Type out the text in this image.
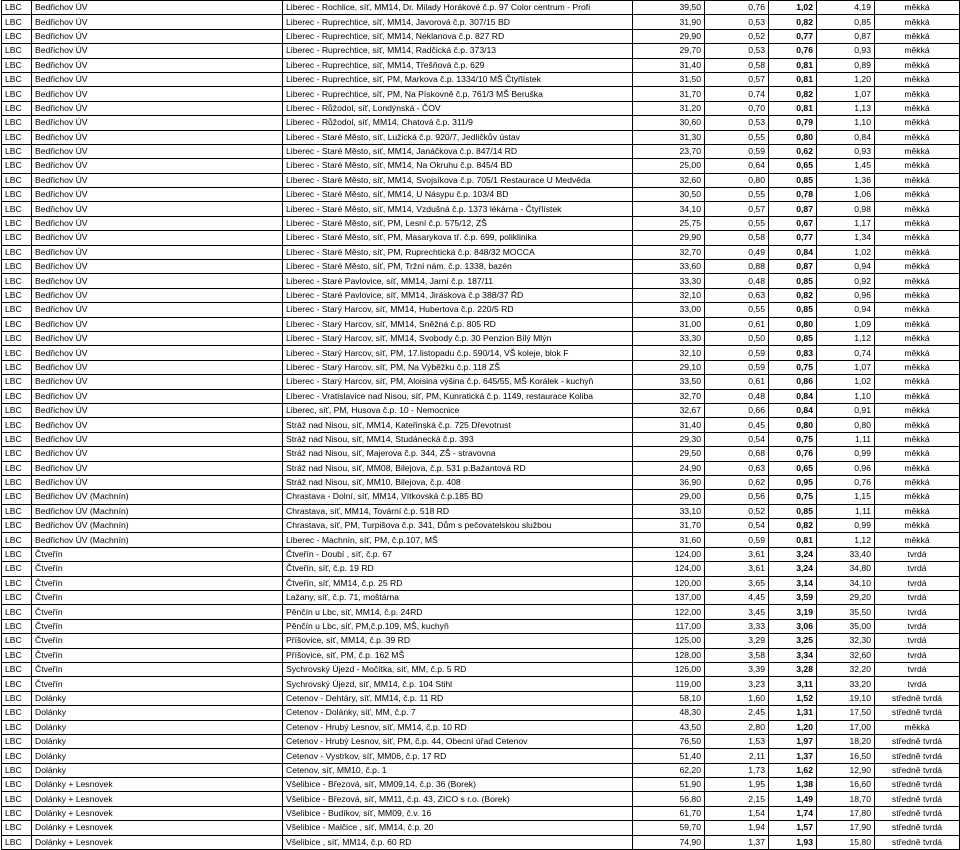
LBC	Bedřichov ÚV	Liberec - Rochlice, síť, MM14, Dr. Milady Horákové č.p. 97 Color centrum - Profi	39,50	0,76	1,02	4,19	měkká
LBC	Bedřichov ÚV	Liberec - Ruprechtice, síť, MM14, Javorová č.p. 307/15 BD	31,90	0,53	0,82	0,85	měkká
LBC	Bedřichov ÚV	Liberec - Ruprechtice, síť, MM14, Neklanova č.p. 827 RD	29,90	0,52	0,77	0,87	měkká
LBC	Bedřichov ÚV	Liberec - Ruprechtice, síť, MM14, Radčická č.p. 373/13	29,70	0,53	0,76	0,93	měkká
LBC	Bedřichov ÚV	Liberec - Ruprechtice, síť, MM14, Třešňová č.p. 629	31,40	0,58	0,81	0,89	měkká
LBC	Bedřichov ÚV	Liberec - Ruprechtice, síť, PM, Markova č.p. 1334/10 MŠ Čtyřlístek	31,50	0,57	0,81	1,20	měkká
LBC	Bedřichov ÚV	Liberec - Ruprechtice, síť, PM, Na Pískovně č.p. 761/3 MŠ Beruška	31,70	0,74	0,82	1,07	měkká
LBC	Bedřichov ÚV	Liberec - Růžodol, síť, Londýnská - ČOV	31,20	0,70	0,81	1,13	měkká
LBC	Bedřichov ÚV	Liberec - Růžodol, síť, MM14, Chatová č.p. 311/9	30,60	0,53	0,79	1,10	měkká
LBC	Bedřichov ÚV	Liberec - Staré Město, síť, Lužická č.p. 920/7, Jedličkův ústav	31,30	0,55	0,80	0,84	měkká
LBC	Bedřichov ÚV	Liberec - Staré Město, síť, MM14, Janáčkova č.p. 847/14 RD	23,70	0,59	0,62	0,93	měkká
LBC	Bedřichov ÚV	Liberec - Staré Město, síť, MM14, Na Okruhu č.p. 845/4 BD	25,00	0,64	0,65	1,45	měkká
LBC	Bedřichov ÚV	Liberec - Staré Město, síť, MM14, Svojsíkova č.p. 705/1 Restaurace U Medvěda	32,60	0,80	0,85	1,36	měkká
LBC	Bedřichov ÚV	Liberec - Staré Město, síť, MM14, U Násypu č.p. 103/4 BD	30,50	0,55	0,78	1,06	měkká
LBC	Bedřichov ÚV	Liberec - Staré Město, síť, MM14, Vzdušná č.p. 1373 lékárna - Čtyřlístek	34,10	0,57	0,87	0,98	měkká
LBC	Bedřichov ÚV	Liberec - Staré Město, síť, PM, Lesní č.p. 575/12, ZŠ	25,75	0,55	0,67	1,17	měkká
LBC	Bedřichov ÚV	Liberec - Staré Město, síť, PM, Masarykova tř. č.p. 699, poliklinika	29,90	0,58	0,77	1,34	měkká
LBC	Bedřichov ÚV	Liberec - Staré Město, síť, PM, Ruprechtická č.p. 848/32 MOCCA	32,70	0,49	0,84	1,02	měkká
LBC	Bedřichov ÚV	Liberec - Staré Město, síť, PM, Tržní nám. č.p. 1338, bazén	33,60	0,88	0,87	0,94	měkká
LBC	Bedřichov ÚV	Liberec - Staré Pavlovice, síť, MM14, Jarní č.p. 187/11	33,30	0,48	0,85	0,92	měkká
LBC	Bedřichov ÚV	Liberec - Staré Pavlovice, síť, MM14, Jiráskova č.p 388/37 ŘD	32,10	0,63	0,82	0,96	měkká
LBC	Bedřichov ÚV	Liberec - Starý Harcov, síť, MM14, Hubertova č.p. 220/5 RD	33,00	0,55	0,85	0,94	měkká
LBC	Bedřichov ÚV	Liberec - Starý Harcov, síť, MM14, Sněžná č.p. 805 RD	31,00	0,61	0,80	1,09	měkká
LBC	Bedřichov ÚV	Liberec - Starý Harcov, síť, MM14, Svobody č.p. 30 Penzion Bílý Mlýn	33,30	0,50	0,85	1,12	měkká
LBC	Bedřichov ÚV	Liberec - Starý Harcov, síť, PM, 17.listopadu č.p. 590/14, VŠ koleje, blok F	32,10	0,59	0,83	0,74	měkká
LBC	Bedřichov ÚV	Liberec - Starý Harcov, síť, PM, Na Výběžku č.p. 118 ZŠ	29,10	0,59	0,75	1,07	měkká
LBC	Bedřichov ÚV	Liberec - Starý Harcov, síť, PM, Aloisina výšina č.p. 645/55, MŠ Korálek - kuchyň	33,50	0,61	0,86	1,02	měkká
LBC	Bedřichov ÚV	Liberec - Vratislavice nad Nisou, síť, PM, Kunratická č.p. 1149, restaurace Koliba	32,70	0,48	0,84	1,10	měkká
LBC	Bedřichov ÚV	Liberec, síť, PM, Husova č.p. 10 - Nemocnice	32,67	0,66	0,84	0,91	měkká
LBC	Bedřichov ÚV	Stráž nad Nisou, síť, MM14, Kateřinská č.p. 725 Dřevotrust	31,40	0,45	0,80	0,80	měkká
LBC	Bedřichov ÚV	Stráž nad Nisou, síť, MM14, Studánecká č.p. 393	29,30	0,54	0,75	1,11	měkká
LBC	Bedřichov ÚV	Stráž nad Nisou, síť, Majerova č.p. 344, ZŠ - stravovna	29,50	0,68	0,76	0,99	měkká
LBC	Bedřichov ÚV	Stráž nad Nisou, síť, MM08, Bilejova, č.p. 531 p.Bažantová RD	24,90	0,63	0,65	0,96	měkká
LBC	Bedřichov ÚV	Stráž nad Nisou, síť, MM10, Bilejova, č.p. 408	36,90	0,62	0,95	0,76	měkká
LBC	Bedřichov ÚV (Machnín)	Chrastava - Dolní, síť, MM14, Vítkovská č.p.185 BD	29,00	0,56	0,75	1,15	měkká
LBC	Bedřichov ÚV (Machnín)	Chrastava, síť, MM14, Tovární č.p. 518 RD	33,10	0,52	0,85	1,11	měkká
LBC	Bedřichov ÚV (Machnín)	Chrastava, síť, PM, Turpišova č.p. 341, Dům s pečovatelskou službou	31,70	0,54	0,82	0,99	měkká
LBC	Bedřichov ÚV (Machnín)	Liberec - Machnín, síť, PM, č.p.107, MŠ	31,60	0,59	0,81	1,12	měkká
LBC	Čtveřín	Čtveřín - Doubí , síť, č.p. 67	124,00	3,61	3,24	33,40	tvrdá
LBC	Čtveřín	Čtveřín, síť, č.p. 19 RD	124,00	3,61	3,24	34,80	tvrdá
LBC	Čtveřín	Čtveřín, síť, MM14, č.p. 25 RD	120,00	3,65	3,14	34,10	tvrdá
LBC	Čtveřín	Lažany, síť, č.p. 71, moštárna	137,00	4,45	3,59	29,20	tvrdá
LBC	Čtveřín	Pěnčín u Lbc, síť, MM14, č.p. 24RD	122,00	3,45	3,19	35,50	tvrdá
LBC	Čtveřín	Pěnčín u Lbc, síť, PM,č.p.109, MŠ, kuchyň	117,00	3,33	3,06	35,00	tvrdá
LBC	Čtveřín	Příšovice, síť, MM14, č.p. 39 RD	125,00	3,29	3,25	32,30	tvrdá
LBC	Čtveřín	Příšovice, síť, PM, č.p. 162 MŠ	128,00	3,58	3,34	32,60	tvrdá
LBC	Čtveřín	Sychrovský Újezd - Močítka, síť, MM, č.p. 5 RD	126,00	3,39	3,28	32,20	tvrdá
LBC	Čtveřín	Sychrovský Újezd, síť, MM14, č.p. 104 Stihl	119,00	3,23	3,11	33,20	tvrdá
LBC	Dolánky	Cetenov - Dehtáry, síť, MM14, č.p. 11 RD	58,10	1,60	1,52	19,10	středně tvrdá
LBC	Dolánky	Cetenov - Dolánky, síť, MM, č.p. 7	48,30	2,45	1,31	17,50	středně tvrdá
LBC	Dolánky	Cetenov - Hrubý Lesnov, síť, MM14, č.p. 10 RD	43,50	2,80	1,20	17,00	měkká
LBC	Dolánky	Cetenov - Hrubý Lesnov, síť, PM, č.p. 44, Obecní úřad Cetenov	76,50	1,53	1,97	18,20	středně tvrdá
LBC	Dolánky	Cetenov - Vystrkov, síť, MM06, č.p. 17 RD	51,40	2,11	1,37	16,50	středně tvrdá
LBC	Dolánky	Cetenov, síť, MM10, č.p. 1	62,20	1,73	1,62	12,90	středně tvrdá
LBC	Dolánky + Lesnovek	Všelibice - Březová, síť, MM09,14, č.p. 36 (Borek)	51,90	1,95	1,38	16,60	středně tvrdá
LBC	Dolánky + Lesnovek	Všelibice - Březová, síť, MM11, č.p. 43, ZICO s r.o. (Borek)	56,80	2,15	1,49	18,70	středně tvrdá
LBC	Dolánky + Lesnovek	Všelibice - Budíkov, síť, MM09, č.v. 16	61,70	1,54	1,74	17,80	středně tvrdá
LBC	Dolánky + Lesnovek	Všelibice - Malčice , síť, MM14, č.p. 20	59,70	1,94	1,57	17,90	středně tvrdá
LBC	Dolánky + Lesnovek	Všelibice , síť, MM14, č.p. 60 RD	74,90	1,37	1,93	15,80	středně tvrdá
